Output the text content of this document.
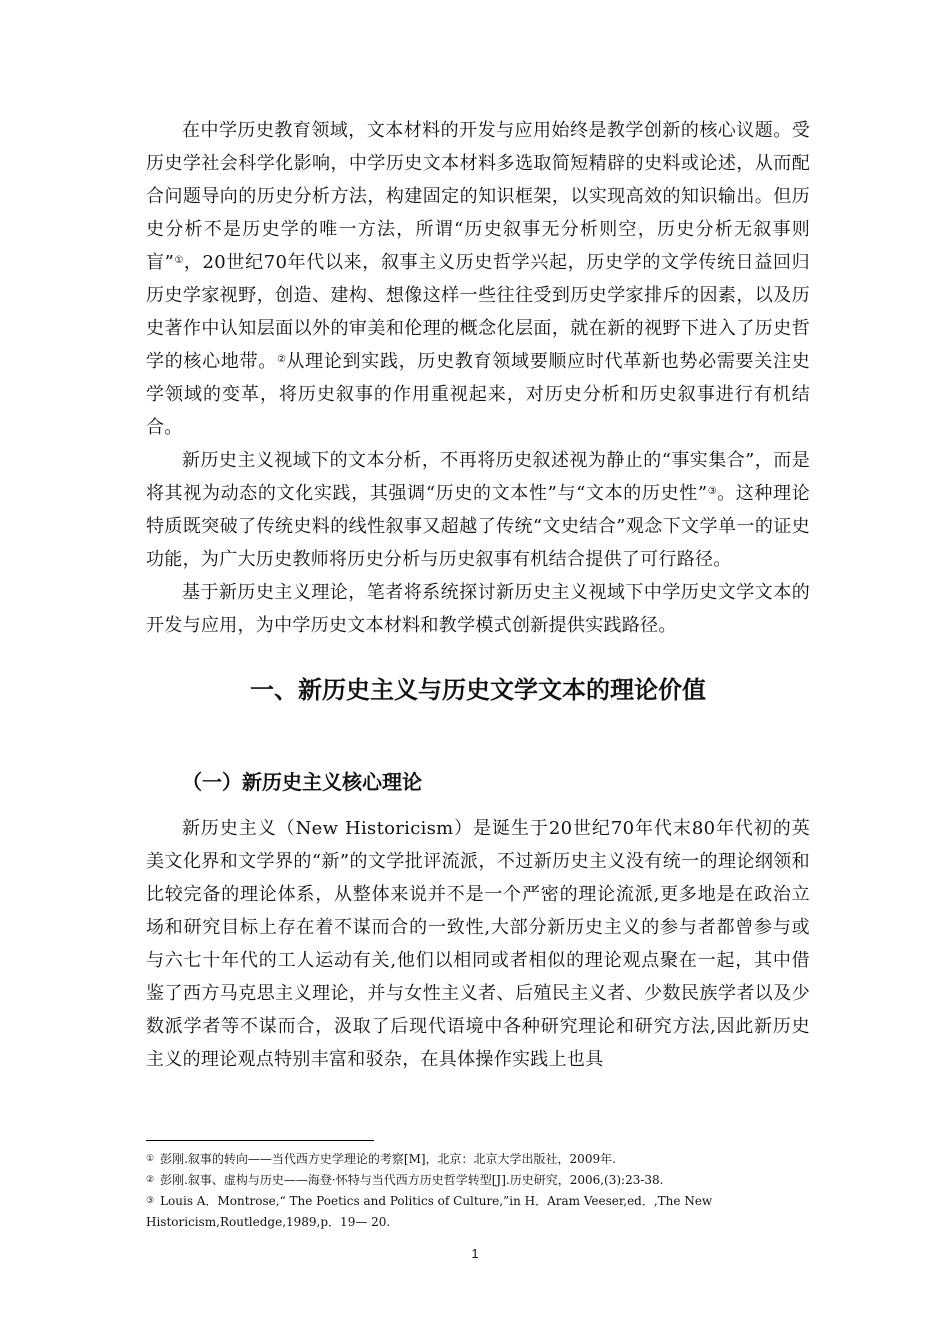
在中学历史教育领域，文本材料的开发与应用始终是教学创新的核心议题。受历史学社会科学化影响，中学历史文本材料多选取简短精辟的史料或论述，从而配合问题导向的历史分析方法，构建固定的知识框架，以实现高效的知识输出。但历史分析不是历史学的唯一方法，所谓“历史叙事无分析则空，历史分析无叙事则盲”①，20世纪70年代以来，叙事主义历史哲学兴起，历史学的文学传统日益回归历史学家视野，创造、建构、想像这样一些往往受到历史学家排斥的因素，以及历史著作中认知层面以外的审美和伦理的概念化层面，就在新的视野下进入了历史哲学的核心地带。②从理论到实践，历史教育领域要顺应时代革新也势必需要关注史学领域的变革，将历史叙事的作用重视起来，对历史分析和历史叙事进行有机结合。

新历史主义视域下的文本分析，不再将历史叙述视为静止的“事实集合”，而是将其视为动态的文化实践，其强调“历史的文本性”与“文本的历史性”③。这种理论特质既突破了传统史料的线性叙事又超越了传统“文史结合”观念下文学单一的证史功能，为广大历史教师将历史分析与历史叙事有机结合提供了可行路径。

基于新历史主义理论，笔者将系统探讨新历史主义视域下中学历史文学文本的开发与应用，为中学历史文本材料和教学模式创新提供实践路径。

一、新历史主义与历史文学文本的理论价值
（一）新历史主义核心理论

新历史主义（New Historicism）是诞生于20世纪70年代末80年代初的英美文化界和文学界的“新”的文学批评流派，不过新历史主义没有统一的理论纲领和比较完备的理论体系，从整体来说并不是一个严密的理论流派,更多地是在政治立场和研究目标上存在着不谋而合的一致性,大部分新历史主义的参与者都曾参与或与六七十年代的工人运动有关,他们以相同或者相似的理论观点聚在一起，其中借鉴了西方马克思主义理论，并与女性主义者、后殖民主义者、少数民族学者以及少数派学者等不谋而合，汲取了后现代语境中各种研究理论和研究方法,因此新历史主义的理论观点特别丰富和驳杂，在具体操作实践上也具

① 彭刚.叙事的转向——当代西方史学理论的考察[M]，北京：北京大学出版社，2009年.

② 彭刚.叙事、虚构与历史——海登·怀特与当代西方历史哲学转型[J].历史研究，2006,(3):23-38.

③ Louis A．Montrose,“ The Poetics and Politics of Culture,”in H．Aram Veeser,ed．,The New Historicism,Routledge,1989,p．19— 20.

1
